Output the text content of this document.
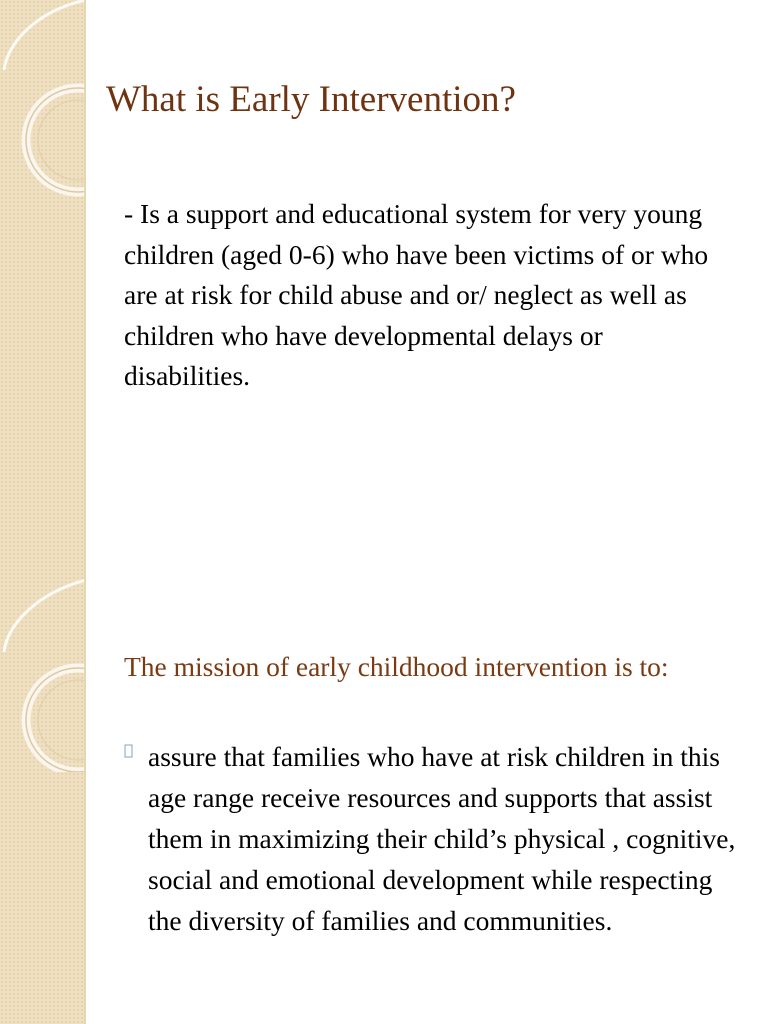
What is Early Intervention?

- Is a support and educational system for very young children (aged 0-6) who have been victims of or who are at risk for child abuse and or/ neglect as well as children who have developmental delays or disabilities.

The mission of early childhood intervention is to:

assure that families who have at risk children in this age range receive resources and supports that assist them in maximizing their child’s physical , cognitive, social and emotional development while respecting the diversity of families and communities.
